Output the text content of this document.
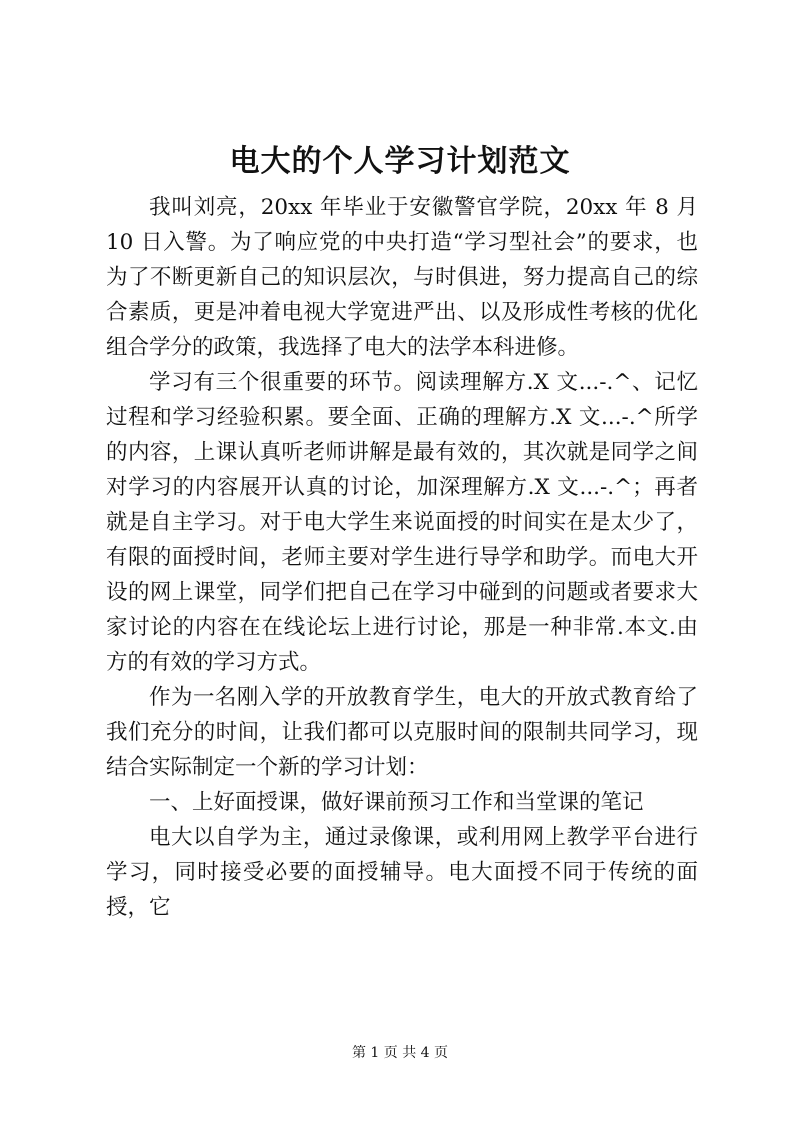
电大的个人学习计划范文

我叫刘亮，20xx 年毕业于安徽警官学院，20xx 年 8 月 10 日入警。为了响应党的中央打造“学习型社会”的要求，也为了不断更新自己的知识层次，与时俱进，努力提高自己的综合素质，更是冲着电视大学宽进严出、以及形成性考核的优化组合学分的政策，我选择了电大的法学本科进修。

学习有三个很重要的环节。阅读理解方.X 文...-.^、记忆过程和学习经验积累。要全面、正确的理解方.X 文...-.^所学的内容，上课认真听老师讲解是最有效的，其次就是同学之间对学习的内容展开认真的讨论，加深理解方.X 文...-.^；再者就是自主学习。对于电大学生来说面授的时间实在是太少了，有限的面授时间，老师主要对学生进行导学和助学。而电大开设的网上课堂，同学们把自己在学习中碰到的问题或者要求大家讨论的内容在在线论坛上进行讨论，那是一种非常.本文.由方的有效的学习方式。

作为一名刚入学的开放教育学生，电大的开放式教育给了我们充分的时间，让我们都可以克服时间的限制共同学习，现结合实际制定一个新的学习计划：

一、上好面授课，做好课前预习工作和当堂课的笔记

电大以自学为主，通过录像课，或利用网上教学平台进行学习，同时接受必要的面授辅导。电大面授不同于传统的面授，它

第 1 页 共 4 页
